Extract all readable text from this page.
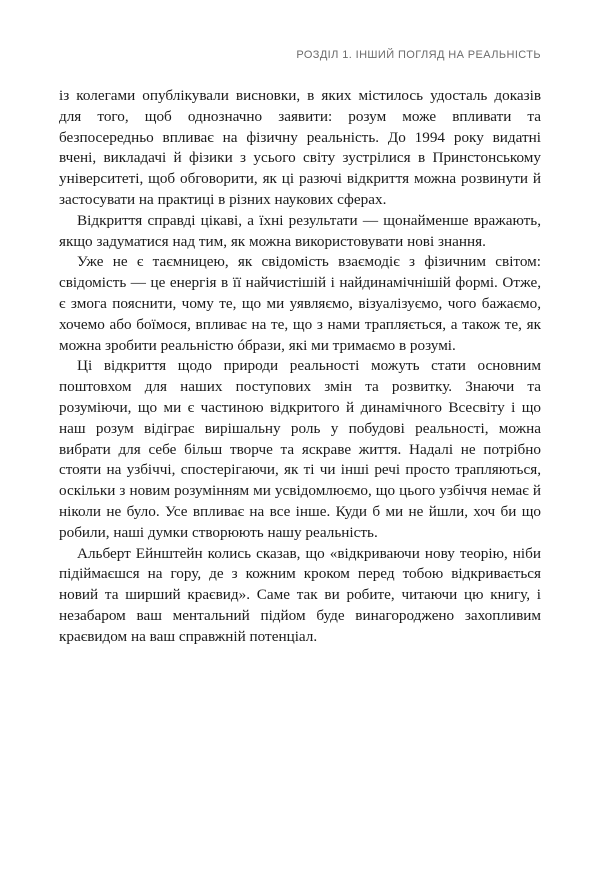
РОЗДІЛ 1. ІНШИЙ ПОГЛЯД НА РЕАЛЬНІСТЬ

із колегами опублікували висновки, в яких містилось удосталь доказів для того, щоб однозначно заявити: розум може впливати та безпосередньо впливає на фізичну реальність. До 1994 року видатні вчені, викладачі й фізики з усього світу зустрілися в Принстонському університеті, щоб обговорити, як ці разючі відкриття можна розвинути й застосувати на практиці в різних наукових сферах.

Відкриття справді цікаві, а їхні результати — щонайменше вражають, якщо задуматися над тим, як можна використовувати нові знання.

Уже не є таємницею, як свідомість взаємодіє з фізичним світом: свідомість — це енергія в її найчистішій і найдинамічнішій формі. Отже, є змога пояснити, чому те, що ми уявляємо, візуалізуємо, чого бажаємо, хочемо або боїмося, впливає на те, що з нами трапляється, а також те, як можна зробити реальністю óбрази, які ми тримаємо в розумі.

Ці відкриття щодо природи реальності можуть стати основним поштовхом для наших поступових змін та розвитку. Знаючи та розуміючи, що ми є частиною відкритого й динамічного Всесвіту і що наш розум відіграє вирішальну роль у побудові реальності, можна вибрати для себе більш творче та яскраве життя. Надалі не потрібно стояти на узбіччі, спостерігаючи, як ті чи інші речі просто трапляються, оскільки з новим розумінням ми усвідомлюємо, що цього узбіччя немає й ніколи не було. Усе впливає на все інше. Куди б ми не йшли, хоч би що робили, наші думки створюють нашу реальність.

Альберт Ейнштейн колись сказав, що «відкриваючи нову теорію, ніби підіймаєшся на гору, де з кожним кроком перед тобою відкривається новий та ширший краєвид». Саме так ви робите, читаючи цю книгу, і незабаром ваш ментальний підйом буде винагороджено захопливим краєвидом на ваш справжній потенціал.
